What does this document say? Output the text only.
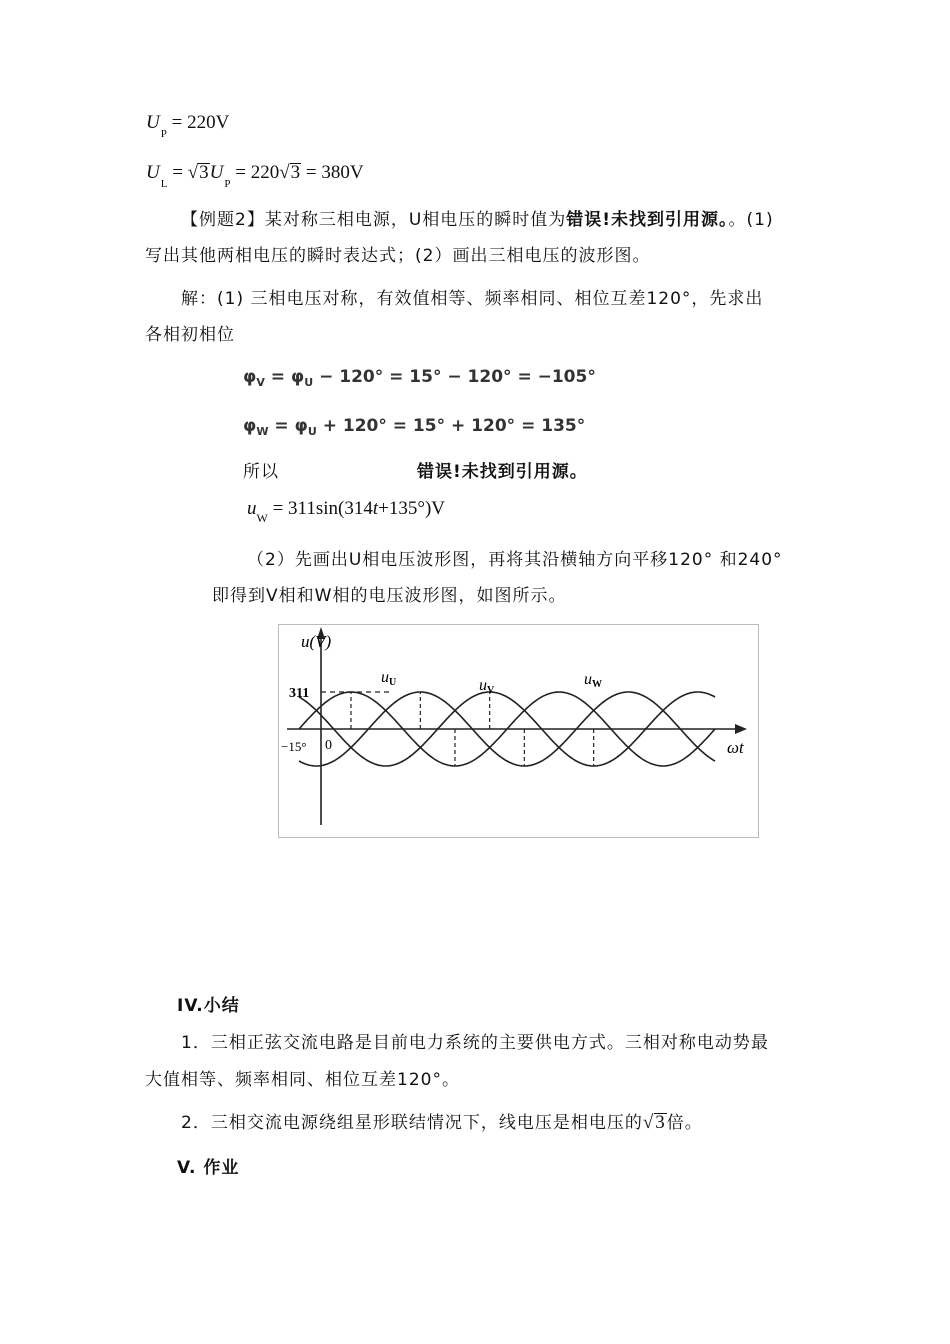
$U_P = 220V$
$U_L = √3U_P = 220√3 = 380V$
【例题2】某对称三相电源，U相电压的瞬时值为错误!未找到引用源。。(1)
写出其他两相电压的瞬时表达式；(2）画出三相电压的波形图。
解：(1) 三相电压对称，有效值相等、频率相同、相位互差120°，先求出
各相初相位
$\varphi_V = \varphi_U - 120^\circ = 15^\circ - 120^\circ = -105^\circ$
$\varphi_W = \varphi_U + 120^\circ = 15^\circ + 120^\circ = 135^\circ$
所以	错误!未找到引用源。
$u_W = 311\sin(314t+135^\circ)V$
（2）先画出U相电压波形图，再将其沿横轴方向平移120° 和240°
即得到V相和W相的电压波形图，如图所示。
u(V)
311
0
−15°	ωt
uU	uV
uW
IV.小结
1．三相正弦交流电路是目前电力系统的主要供电方式。三相对称电动势最
大值相等、频率相同、相位互差120°。
2．三相交流电源绕组星形联结情况下，线电压是相电压的√3倍。
V. 作业
